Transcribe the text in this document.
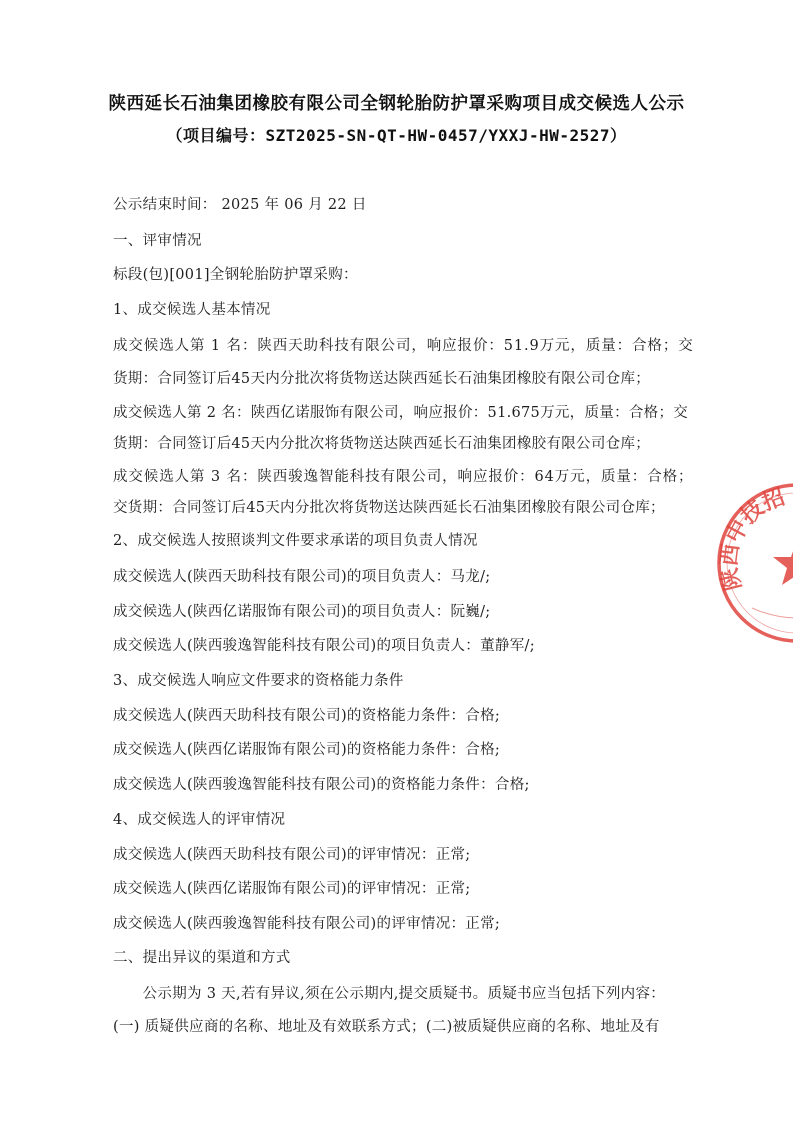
陕西延长石油集团橡胶有限公司全钢轮胎防护罩采购项目成交候选人公示
（项目编号：SZT2025-SN-QT-HW-0457/YXXJ-HW-2527）
公示结束时间： 2025 年 06 月 22 日
一、评审情况
标段(包)[001]全钢轮胎防护罩采购：
1、成交候选人基本情况
成交候选人第 1 名：陕西天助科技有限公司，响应报价：51.9万元，质量：合格；交
货期：合同签订后45天内分批次将货物送达陕西延长石油集团橡胶有限公司仓库；
成交候选人第 2 名：陕西亿诺服饰有限公司，响应报价：51.675万元，质量：合格；交
货期：合同签订后45天内分批次将货物送达陕西延长石油集团橡胶有限公司仓库；
成交候选人第 3 名：陕西骏逸智能科技有限公司，响应报价：64万元，质量：合格；
交货期：合同签订后45天内分批次将货物送达陕西延长石油集团橡胶有限公司仓库；
2、成交候选人按照谈判文件要求承诺的项目负责人情况
成交候选人(陕西天助科技有限公司)的项目负责人：马龙/;
成交候选人(陕西亿诺服饰有限公司)的项目负责人：阮巍/;
成交候选人(陕西骏逸智能科技有限公司)的项目负责人：董静军/;
3、成交候选人响应文件要求的资格能力条件
成交候选人(陕西天助科技有限公司)的资格能力条件：合格;
成交候选人(陕西亿诺服饰有限公司)的资格能力条件：合格;
成交候选人(陕西骏逸智能科技有限公司)的资格能力条件：合格;
4、成交候选人的评审情况
成交候选人(陕西天助科技有限公司)的评审情况：正常;
成交候选人(陕西亿诺服饰有限公司)的评审情况：正常;
成交候选人(陕西骏逸智能科技有限公司)的评审情况：正常;
二、提出异议的渠道和方式
　　公示期为 3 天,若有异议,须在公示期内,提交质疑书。质疑书应当包括下列内容：
(一) 质疑供应商的名称、地址及有效联系方式；(二)被质疑供应商的名称、地址及有
陕西中技招
